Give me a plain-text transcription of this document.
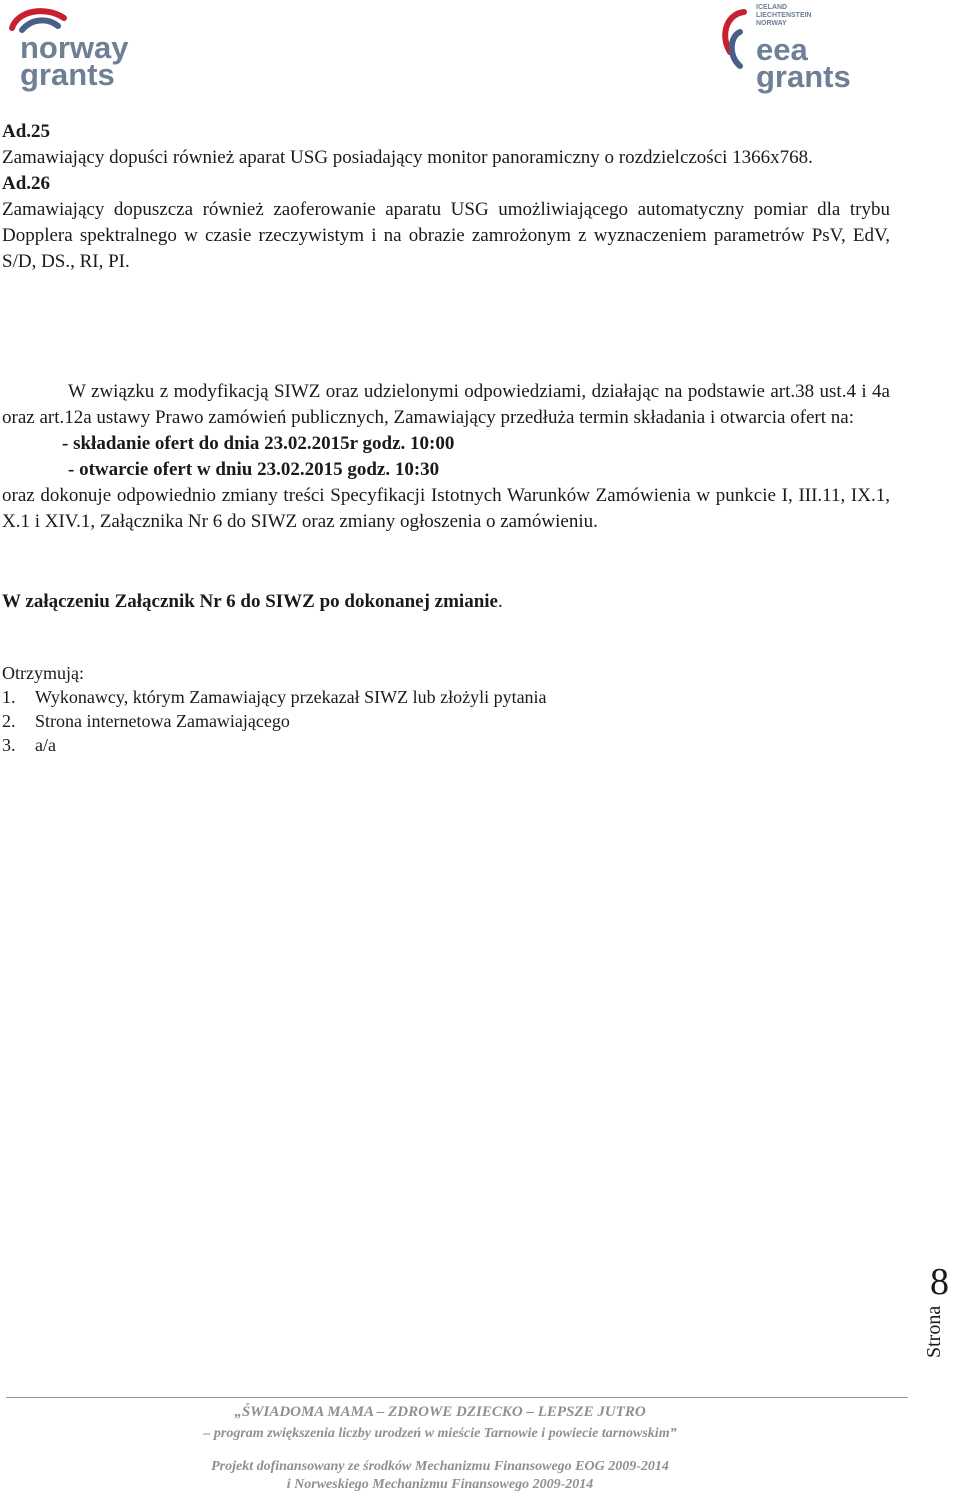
norway
grants
ICELAND
LIECHTENSTEIN
NORWAY
eea
grants

Ad.25

Zamawiający dopuści również aparat USG posiadający monitor panoramiczny o rozdzielczości 1366x768.

Ad.26

Zamawiający dopuszcza również zaoferowanie aparatu USG umożliwiającego automatyczny pomiar dla trybu Dopplera spektralnego w czasie rzeczywistym i na obrazie zamrożonym z wyznaczeniem parametrów PsV, EdV, S/D, DS., RI, PI.

W związku z modyfikacją SIWZ oraz udzielonymi odpowiedziami, działając na podstawie art.38 ust.4 i 4a oraz art.12a ustawy Prawo zamówień publicznych, Zamawiający przedłuża termin składania i otwarcia ofert na:

- składanie ofert do dnia 23.02.2015r godz. 10:00

- otwarcie ofert w dniu 23.02.2015 godz. 10:30

oraz dokonuje odpowiednio zmiany treści Specyfikacji Istotnych Warunków Zamówienia w punkcie I, III.11, IX.1, X.1 i XIV.1, Załącznika Nr 6 do SIWZ oraz zmiany ogłoszenia o zamówieniu.

W załączeniu Załącznik Nr 6 do SIWZ po dokonanej zmianie.

Otrzymują:
1.	Wykonawcy, którym Zamawiający przekazał SIWZ lub złożyli pytania
2.	Strona internetowa Zamawiającego
3.	a/a
Strona
8
„ŚWIADOMA MAMA – ZDROWE DZIECKO – LEPSZE JUTRO
– program zwiększenia liczby urodzeń w mieście Tarnowie i powiecie tarnowskim”
Projekt dofinansowany ze środków Mechanizmu Finansowego EOG 2009-2014
i Norweskiego Mechanizmu Finansowego 2009-2014
